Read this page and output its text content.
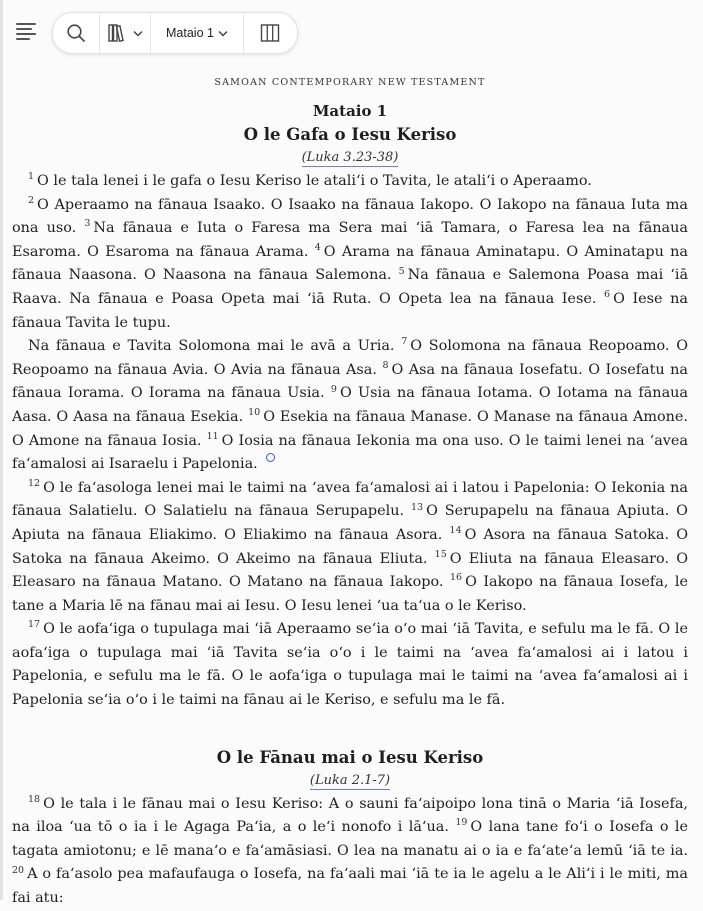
Mataio 1
SAMOAN CONTEMPORARY NEW TESTAMENT
Mataio 1
O le Gafa o Iesu Keriso
(Luka 3.23-38)

$^1$ O le tala lenei i le gafa o Iesu Keriso le atali‘i o Tavita, le atali‘i o Aperaamo.

$^2$ O Aperaamo na fānaua Isaako. O Isaako na fānaua Iakopo. O Iakopo na fānaua Iuta ma ona uso. $^3$ Na fānaua e Iuta o Faresa ma Sera mai ‘iā Tamara, o Faresa lea na fānaua Esaroma. O Esaroma na fānaua Arama. $^4$ O Arama na fānaua Aminatapu. O Aminatapu na fānaua Naasona. O Naasona na fānaua Salemona. $^5$ Na fānaua e Salemona Poasa mai ‘iā Raava. Na fānaua e Poasa Opeta mai ‘iā Ruta. O Opeta lea na fānaua Iese. $^6$ O Iese na fānaua Tavita le tupu.

Na fānaua e Tavita Solomona mai le avā a Uria. $^7$ O Solomona na fānaua Reopoamo. O Reopoamo na fānaua Avia. O Avia na fānaua Asa. $^8$ O Asa na fānaua Iosefatu. O Iosefatu na fānaua Iorama. O Iorama na fānaua Usia. $^9$ O Usia na fānaua Iotama. O Iotama na fānaua Aasa. O Aasa na fānaua Esekia. $^{10}$ O Esekia na fānaua Manase. O Manase na fānaua Amone. O Amone na fānaua Iosia. $^{11}$ O Iosia na fānaua Iekonia ma ona uso. O le taimi lenei na ‘avea fa‘amalosi ai Isaraelu i Papelonia.

$^{12}$ O le fa‘asologa lenei mai le taimi na ‘avea fa‘amalosi ai i latou i Papelonia: O Iekonia na fānaua Salatielu. O Salatielu na fānaua Serupapelu. $^{13}$ O Serupapelu na fānaua Apiuta. O Apiuta na fānaua Eliakimo. O Eliakimo na fānaua Asora. $^{14}$ O Asora na fānaua Satoka. O Satoka na fānaua Akeimo. O Akeimo na fānaua Eliuta. $^{15}$ O Eliuta na fānaua Eleasaro. O Eleasaro na fānaua Matano. O Matano na fānaua Iakopo. $^{16}$ O Iakopo na fānaua Iosefa, le tane a Maria lē na fānau mai ai Iesu. O Iesu lenei ‘ua ta‘ua o le Keriso.

$^{17}$ O le aofa‘iga o tupulaga mai ‘iā Aperaamo se‘ia o‘o mai ‘iā Tavita, e sefulu ma le fā. O le aofa‘iga o tupulaga mai ‘iā Tavita se‘ia o‘o i le taimi na ‘avea fa‘amalosi ai i latou i Papelonia, e sefulu ma le fā. O le aofa‘iga o tupulaga mai le taimi na ‘avea fa‘amalosi ai i Papelonia se‘ia o‘o i le taimi na fānau ai le Keriso, e sefulu ma le fā.

O le Fānau mai o Iesu Keriso
(Luka 2.1-7)

$^{18}$ O le tala i le fānau mai o Iesu Keriso: A o sauni fa‘aipoipo lona tinā o Maria ‘iā Iosefa, na iloa ‘ua tō o ia i le Agaga Pa‘ia, a o le‘i nonofo i lā‘ua. $^{19}$ O lana tane fo‘i o Iosefa o le tagata amiotonu; e lē mana‘o e fa‘amāsiasi. O lea na manatu ai o ia e fa‘ate‘a lemū ‘iā te ia. $^{20}$ A o fa‘asolo pea mafaufauga o Iosefa, na fa‘aali mai ‘iā te ia le agelu a le Ali‘i i le miti, ma fai atu:
